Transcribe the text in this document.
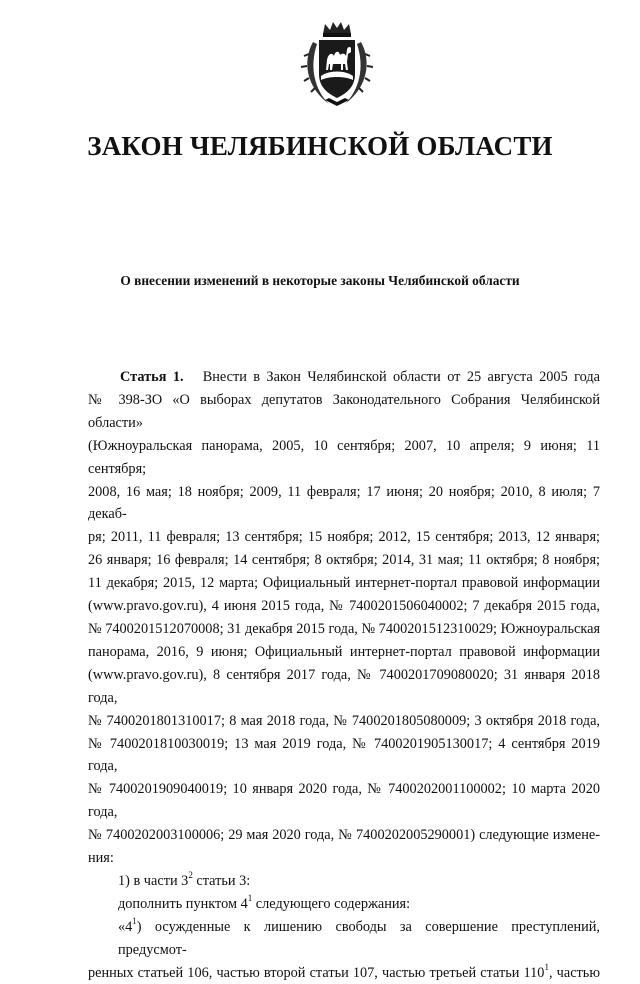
ЗАКОН ЧЕЛЯБИНСКОЙ ОБЛАСТИ
О внесении изменений в некоторые законы Челябинской области
Статья 1. Внести в Закон Челябинской области от 25 августа 2005 года
№ 398-ЗО «О выборах депутатов Законодательного Собрания Челябинской области»
(Южноуральская панорама, 2005, 10 сентября; 2007, 10 апреля; 9 июня; 11 сентября;
2008, 16 мая; 18 ноября; 2009, 11 февраля; 17 июня; 20 ноября; 2010, 8 июля; 7 декаб-
ря; 2011, 11 февраля; 13 сентября; 15 ноября; 2012, 15 сентября; 2013, 12 января;
26 января; 16 февраля; 14 сентября; 8 октября; 2014, 31 мая; 11 октября; 8 ноября;
11 декабря; 2015, 12 марта; Официальный интернет-портал правовой информации
(www.pravo.gov.ru), 4 июня 2015 года, № 7400201506040002; 7 декабря 2015 года,
№ 7400201512070008; 31 декабря 2015 года, № 7400201512310029; Южноуральская
панорама, 2016, 9 июня; Официальный интернет-портал правовой информации
(www.pravo.gov.ru), 8 сентября 2017 года, № 7400201709080020; 31 января 2018 года,
№ 7400201801310017; 8 мая 2018 года, № 7400201805080009; 3 октября 2018 года,
№ 7400201810030019; 13 мая 2019 года, № 7400201905130017; 4 сентября 2019 года,
№ 7400201909040019; 10 января 2020 года, № 7400202001100002; 10 марта 2020 года,
№ 7400202003100006; 29 мая 2020 года, № 7400202005290001) следующие измене-
ния:
1) в части $3^2$ статьи 3:
дополнить пунктом $4^1$ следующего содержания:
«$4^1$) осужденные к лишению свободы за совершение преступлений, предусмот-
ренных статьей 106, частью второй статьи 107, частью третьей статьи $110^1$, частью
